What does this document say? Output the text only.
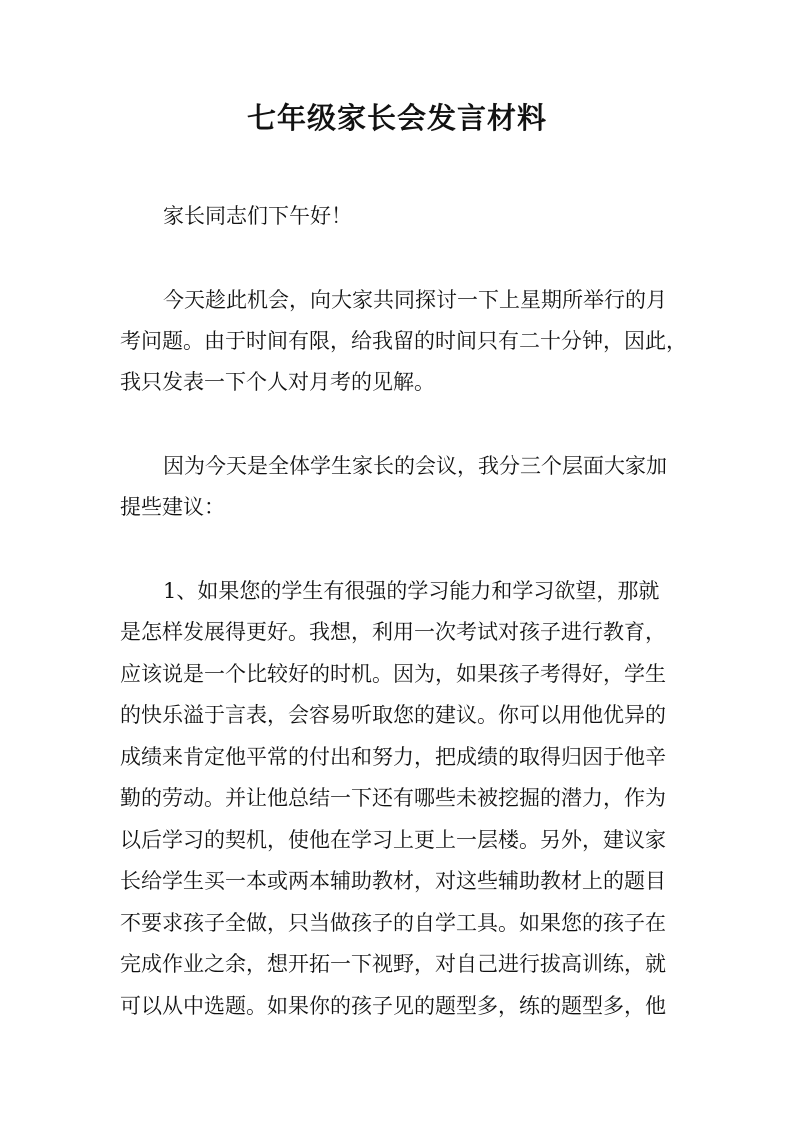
七年级家长会发言材料
家长同志们下午好！
今天趁此机会，向大家共同探讨一下上星期所举行的月
考问题。由于时间有限，给我留的时间只有二十分钟，因此，
我只发表一下个人对月考的见解。
因为今天是全体学生家长的会议，我分三个层面大家加
提些建议：
1、如果您的学生有很强的学习能力和学习欲望，那就
是怎样发展得更好。我想，利用一次考试对孩子进行教育，
应该说是一个比较好的时机。因为，如果孩子考得好，学生
的快乐溢于言表，会容易听取您的建议。你可以用他优异的
成绩来肯定他平常的付出和努力，把成绩的取得归因于他辛
勤的劳动。并让他总结一下还有哪些未被挖掘的潜力，作为
以后学习的契机，使他在学习上更上一层楼。另外，建议家
长给学生买一本或两本辅助教材，对这些辅助教材上的题目
不要求孩子全做，只当做孩子的自学工具。如果您的孩子在
完成作业之余，想开拓一下视野，对自己进行拔高训练，就
可以从中选题。如果你的孩子见的题型多，练的题型多，他
